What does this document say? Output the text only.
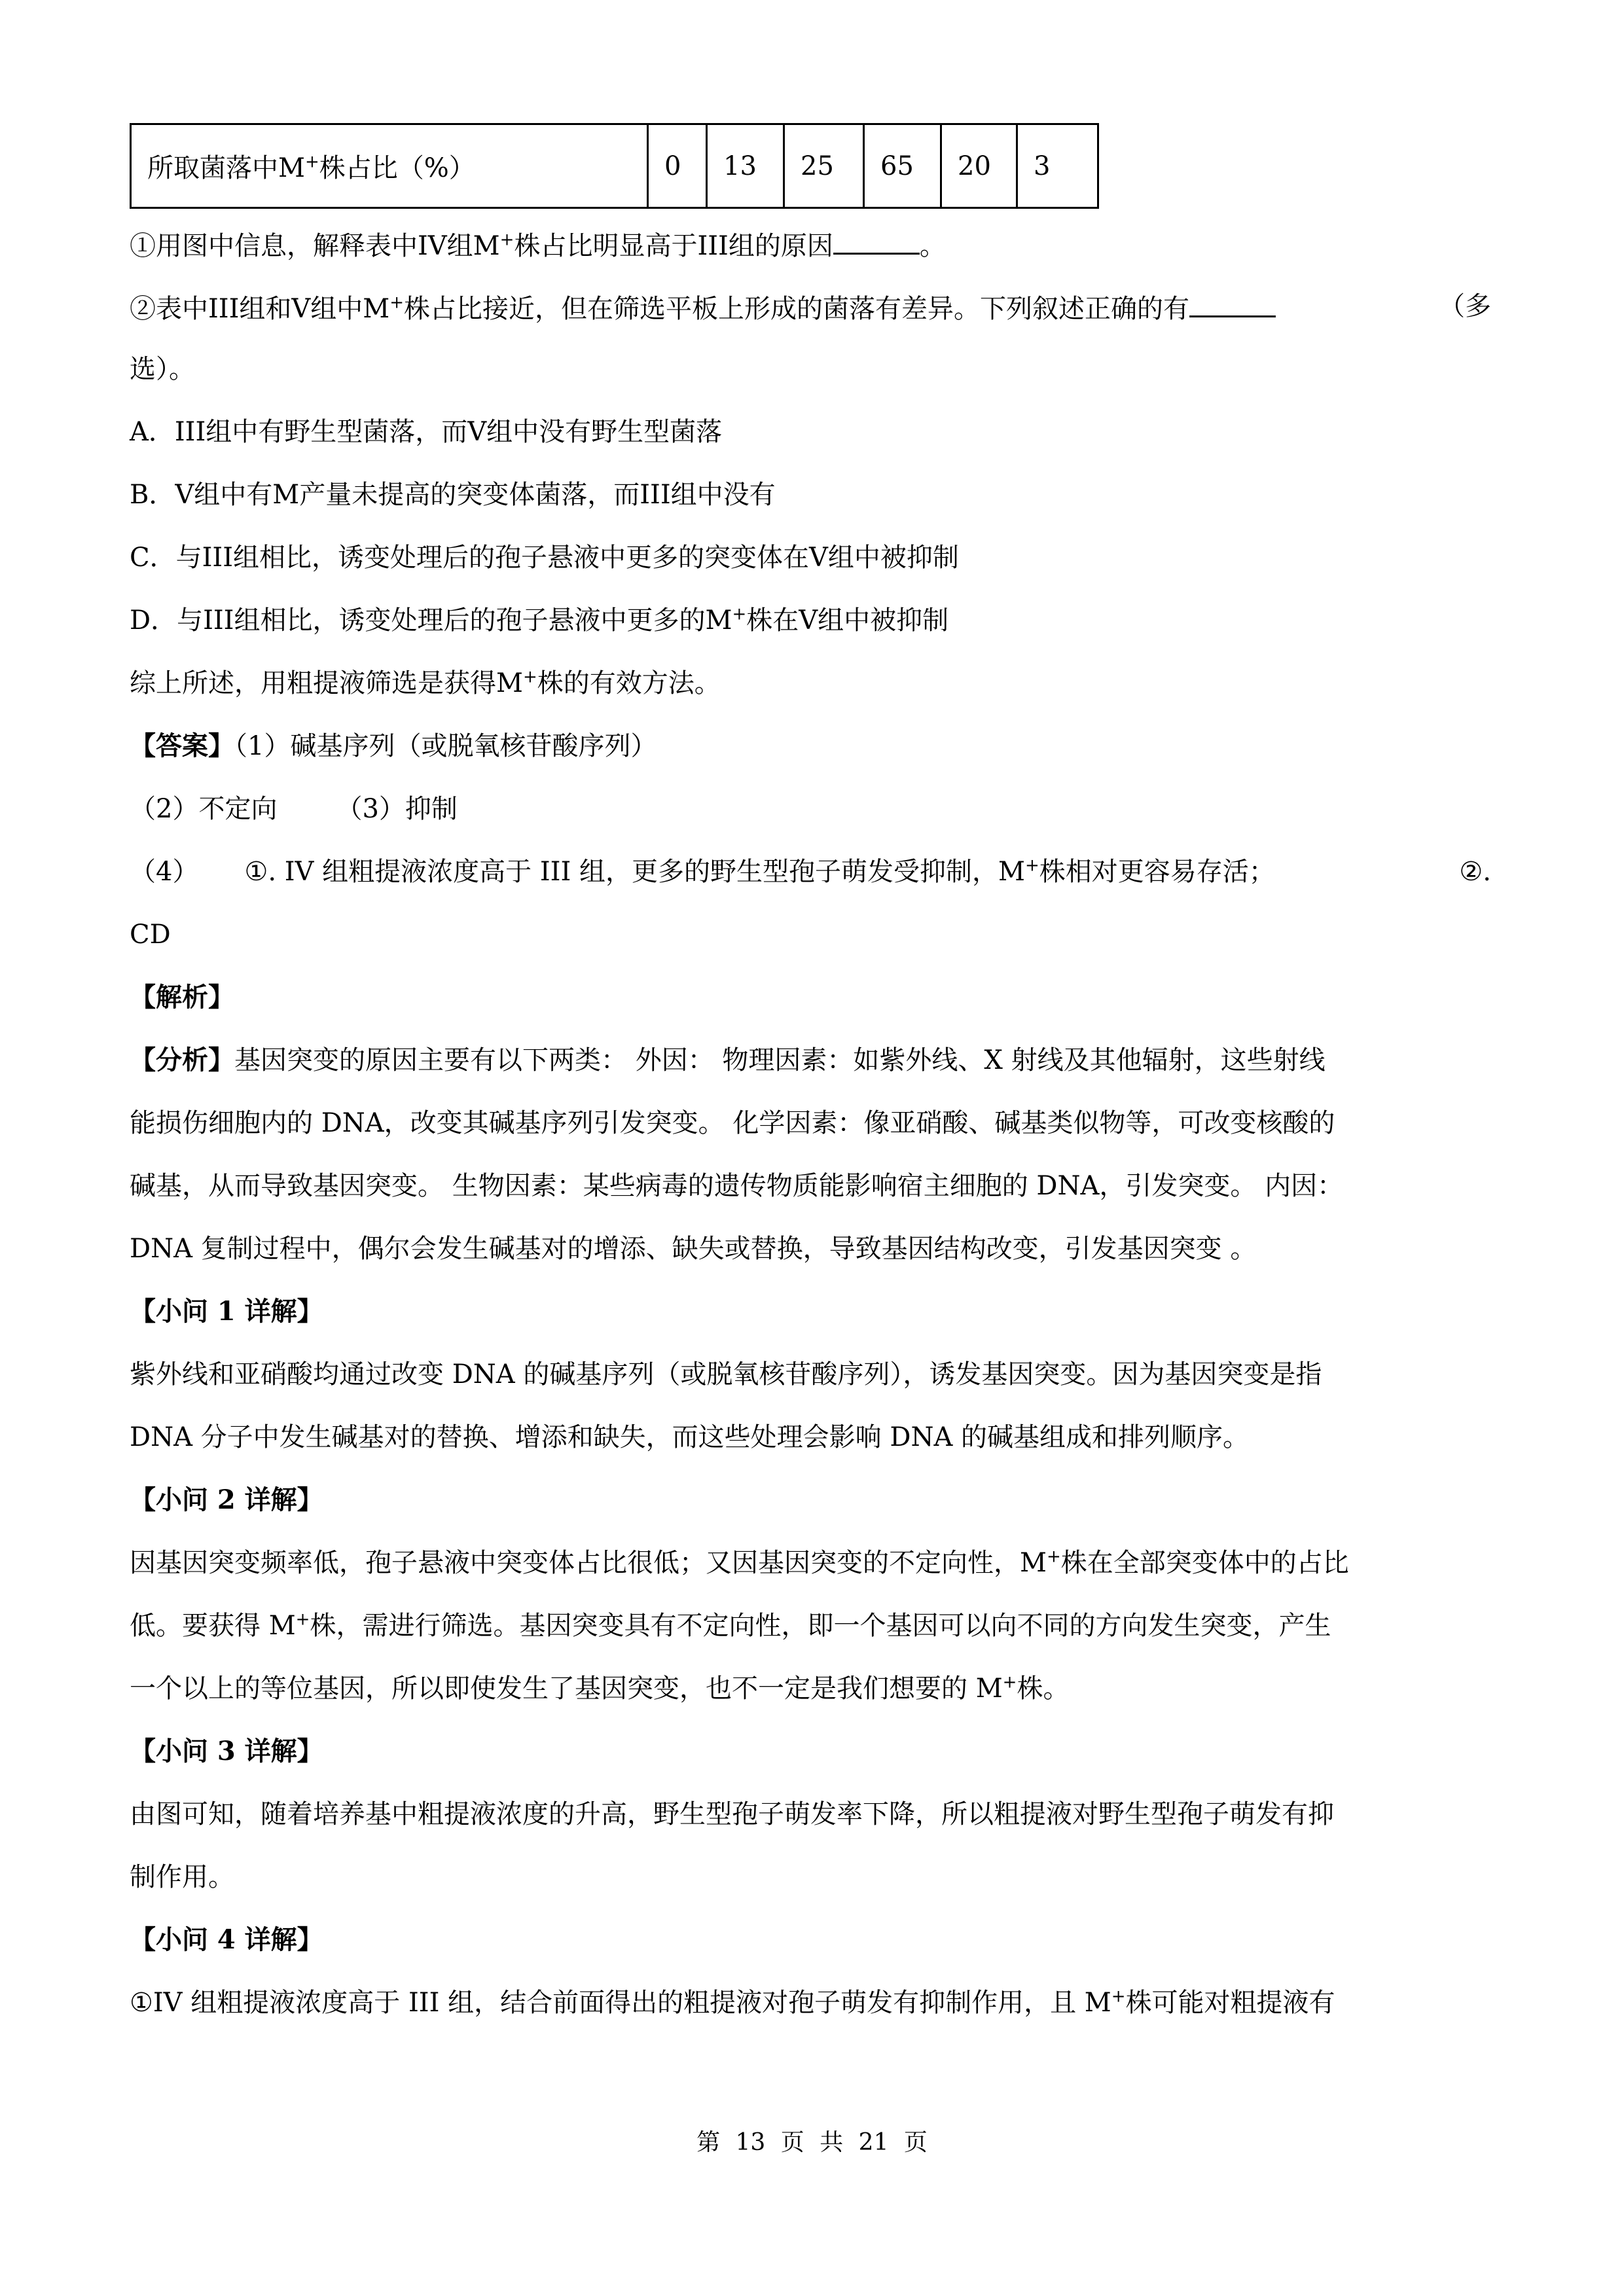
所取菌落中M+株占比（%）	0	13	25	65	20	3
①用图中信息，解释表中IV组M+株占比明显高于III组的原因	。
②表中III组和V组中M+株占比接近，但在筛选平板上形成的菌落有差异。下列叙述正确的有	（多
选）。
A．III组中有野生型菌落，而V组中没有野生型菌落
B．V组中有M产量未提高的突变体菌落，而III组中没有
C．与III组相比，诱变处理后的孢子悬液中更多的突变体在V组中被抑制
D．与III组相比，诱变处理后的孢子悬液中更多的M+株在V组中被抑制
综上所述，用粗提液筛选是获得M+株的有效方法。
【答案】（1）碱基序列（或脱氧核苷酸序列）
（2）不定向 （3）抑制
（4） ①. IV 组粗提液浓度高于 III 组，更多的野生型孢子萌发受抑制，M+株相对更容易存活；	②.
CD
【解析】
【分析】基因突变的原因主要有以下两类： 外因： 物理因素：如紫外线、X 射线及其他辐射，这些射线
能损伤细胞内的 DNA，改变其碱基序列引发突变。 化学因素：像亚硝酸、碱基类似物等，可改变核酸的
碱基，从而导致基因突变。 生物因素：某些病毒的遗传物质能影响宿主细胞的 DNA，引发突变。 内因：
DNA 复制过程中，偶尔会发生碱基对的增添、缺失或替换，导致基因结构改变，引发基因突变 。
【小问 1 详解】
紫外线和亚硝酸均通过改变 DNA 的碱基序列（或脱氧核苷酸序列），诱发基因突变。因为基因突变是指
DNA 分子中发生碱基对的替换、增添和缺失，而这些处理会影响 DNA 的碱基组成和排列顺序。
【小问 2 详解】
因基因突变频率低，孢子悬液中突变体占比很低；又因基因突变的不定向性，M+株在全部突变体中的占比
低。要获得 M+株，需进行筛选。基因突变具有不定向性，即一个基因可以向不同的方向发生突变，产生
一个以上的等位基因，所以即使发生了基因突变，也不一定是我们想要的 M+株。
【小问 3 详解】
由图可知，随着培养基中粗提液浓度的升高，野生型孢子萌发率下降，所以粗提液对野生型孢子萌发有抑
制作用。
【小问 4 详解】
①IV 组粗提液浓度高于 III 组，结合前面得出的粗提液对孢子萌发有抑制作用，且 M+株可能对粗提液有
第 13 页 共 21 页
